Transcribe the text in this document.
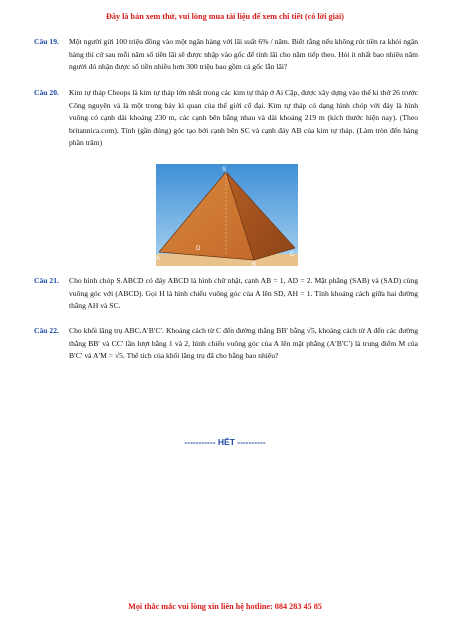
Đây là bản xem thử, vui lòng mua tài liệu để xem chi tiết (có lời giải)
Câu 19.	Một người gửi 100 triệu đồng vào một ngân hàng với lãi suất 6% / năm. Biết rằng nếu không rút tiền ra khỏi ngân hàng thì cứ sau mỗi năm số tiền lãi sẽ được nhập vào gốc để tính lãi cho năm tiếp theo. Hỏi ít nhất bao nhiêu năm người đó nhận được số tiền nhiều hơn 300 triệu bao gồm cả gốc lẫn lãi?
Câu 20.	Kim tự tháp Cheops là kim tự tháp lớn nhất trong các kim tự tháp ở Ai Cập, được xây dựng vào thế kỉ thứ 26 trước Công nguyên và là một trong bảy kì quan của thế giới cổ đại. Kim tự tháp có dạng hình chóp với đáy là hình vuông có cạnh dài khoảng 230 m, các cạnh bên bằng nhau và dài khoảng 219 m (kích thước hiện nay). (Theo britannica.com). Tính (gần đúng) góc tạo bởi cạnh bên SC và cạnh đáy AB của kim tự tháp. (Làm tròn đến hàng phần trăm)
S
A
B
C
D
Câu 21.	Cho hình chóp S.ABCD có đáy ABCD là hình chữ nhật, cạnh AB = 1, AD = 2. Mặt phẳng (SAB) và (SAD) cùng vuông góc với (ABCD). Gọi H là hình chiếu vuông góc của A lên SD, AH = 1. Tính khoảng cách giữa hai đường thẳng AH và SC.
Câu 22.	Cho khối lăng trụ ABC.A′B′C′. Khoảng cách từ C đến đường thẳng BB′ bằng √5, khoảng cách từ A đến các đường thẳng BB′ và CC′ lần lượt bằng 1 và 2, hình chiếu vuông góc của A lên mặt phẳng (A′B′C′) là trung điểm M của B′C′ và A′M = √5. Thể tích của khối lăng trụ đã cho bằng bao nhiêu?
----------- HẾT ----------
Mọi thắc mắc vui lòng xin liên hệ hotline: 084 283 45 85
